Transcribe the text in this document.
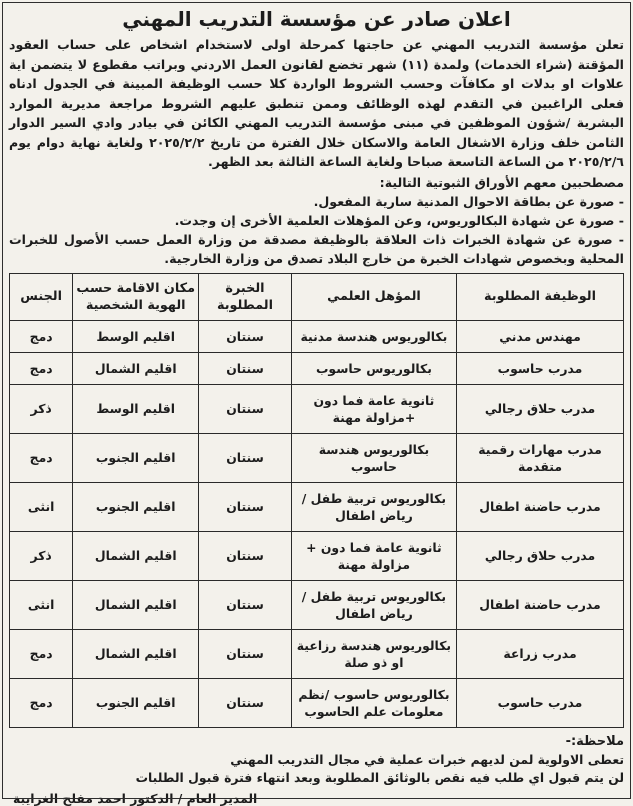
اعلان صادر عن مؤسسة التدريب المهني
تعلن مؤسسة التدريب المهني عن حاجتها كمرحلة اولى لاستخدام اشخاص على حساب العقود المؤقتة (شراء الخدمات) ولمدة (١١) شهر تخضع لقانون العمل الاردني وبراتب مقطوع لا يتضمن اية علاوات او بدلات او مكافآت وحسب الشروط الواردة كلا حسب الوظيفة المبينة في الجدول ادناه فعلى الراغبين في التقدم لهذه الوظائف وممن تنطبق عليهم الشروط مراجعة مديرية الموارد البشرية /شؤون الموظفين في مبنى مؤسسة التدريب المهني الكائن في بيادر وادي السير الدوار الثامن خلف وزارة الاشغال العامة والاسكان خلال الفترة من تاريخ ٢٠٢٥/٢/٢ ولغاية نهاية دوام يوم ٢٠٢٥/٢/٦ من الساعة التاسعة صباحا ولغاية الساعة الثالثة بعد الظهر.
مصطحبين معهم الأوراق الثبوتية التالية:
- صورة عن بطاقة الاحوال المدنية سارية المفعول.
- صورة عن شهادة البكالوريوس، وعن المؤهلات العلمية الأخرى إن وجدت.
- صورة عن شهادة الخبرات ذات العلاقة بالوظيفة مصدقة من وزارة العمل حسب الأصول للخبرات المحلية وبخصوص شهادات الخبرة من خارج البلاد تصدق من وزارة الخارجية.
الوظيفة المطلوبة	المؤهل العلمي	الخبرة المطلوبة	مكان الاقامة حسب الهوية الشخصية	الجنس
مهندس مدني	بكالوريوس هندسة مدنية	سنتان	اقليم الوسط	دمج
مدرب حاسوب	بكالوريوس حاسوب	سنتان	اقليم الشمال	دمج
مدرب حلاق رجالي	ثانوية عامة فما دون +مزاولة مهنة	سنتان	اقليم الوسط	ذكر
مدرب مهارات رقمية متقدمة	بكالوريوس هندسة حاسوب	سنتان	اقليم الجنوب	دمج
مدرب حاضنة اطفال	بكالوريوس تربية طفل / رياض اطفال	سنتان	اقليم الجنوب	انثى
مدرب حلاق رجالي	ثانوية عامة فما دون + مزاولة مهنة	سنتان	اقليم الشمال	ذكر
مدرب حاضنة اطفال	بكالوريوس تربية طفل / رياض اطفال	سنتان	اقليم الشمال	انثى
مدرب زراعة	بكالوريوس هندسة رزاعية او ذو صلة	سنتان	اقليم الشمال	دمج
مدرب حاسوب	بكالوريوس حاسوب /نظم معلومات علم الحاسوب	سنتان	اقليم الجنوب	دمج
ملاحظة:-
تعطى الاولوية لمن لديهم خبرات عملية في مجال التدريب المهني
لن يتم قبول اي طلب فيه نقص بالوثائق المطلوبة وبعد انتهاء فترة قبول الطلبات
المدير العام / الدكتور احمد مفلح الغرايبة
